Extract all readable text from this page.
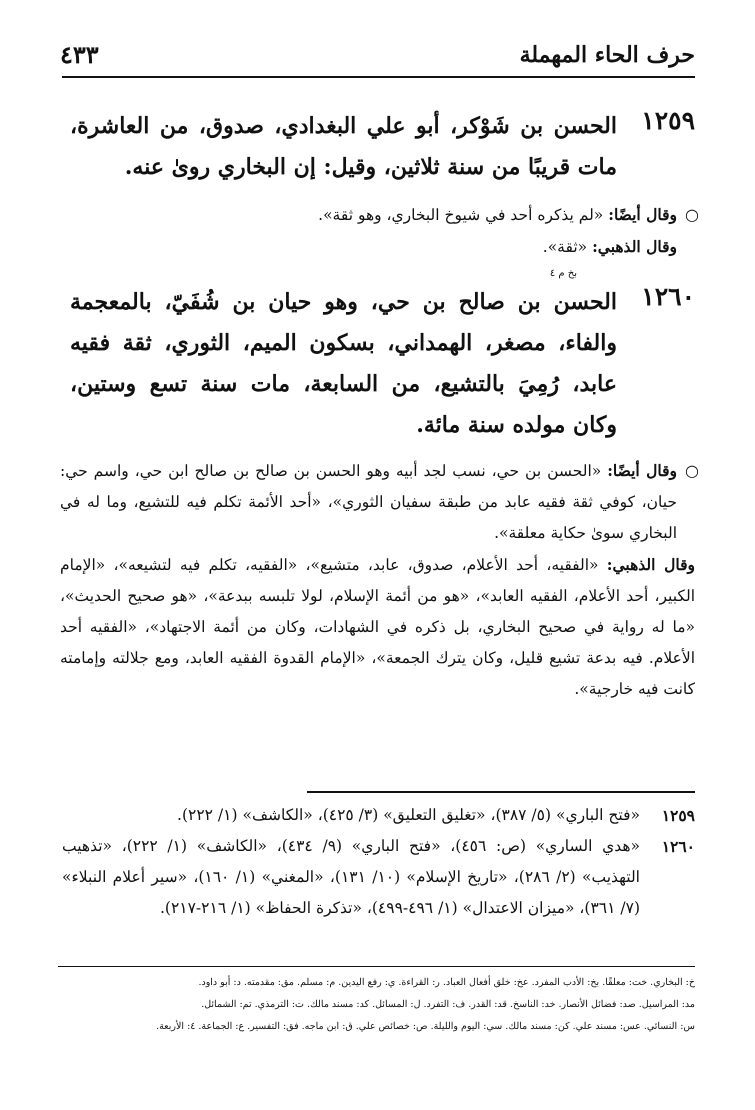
حرف الحاء المهملة
٤٣٣
١٢٥٩
الحسن بن شَوْكر، أبو علي البغدادي، صدوق، من العاشرة، مات قريبًا من سنة ثلاثين، وقيل: إن البخاري روىٰ عنه.
○

وقال أيضًا: «لم يذكره أحد في شيوخ البخاري، وهو ثقة».

وقال الذهبي: «ثقة».

بخ م ٤
١٢٦٠
الحسن بن صالح بن حي، وهو حيان بن شُفَيّ، بالمعجمة والفاء، مصغر، الهمداني، بسكون الميم، الثوري، ثقة فقيه عابد، رُمِيَ بالتشيع، من السابعة، مات سنة تسع وستين، وكان مولده سنة مائة.
○

وقال أيضًا: «الحسن بن حي، نسب لجد أبيه وهو الحسن بن صالح بن صالح ابن حي، واسم حي: حيان، كوفي ثقة فقيه عابد من طبقة سفيان الثوري»، «أحد الأئمة تكلم فيه للتشيع، وما له في البخاري سوىٰ حكاية معلقة».

وقال الذهبي: «الفقيه، أحد الأعلام، صدوق، عابد، متشيع»، «الفقيه، تكلم فيه لتشيعه»، «الإمام الكبير، أحد الأعلام، الفقيه العابد»، «هو من أئمة الإسلام، لولا تلبسه ببدعة»، «هو صحيح الحديث»، «ما له رواية في صحيح البخاري، بل ذكره في الشهادات، وكان من أئمة الاجتهاد»، «الفقيه أحد الأعلام. فيه بدعة تشيع قليل، وكان يترك الجمعة»، «الإمام القدوة الفقيه العابد، ومع جلالته وإمامته كانت فيه خارجية».

١٢٥٩
«فتح الباري» (٥/ ٣٨٧)، «تغليق التعليق» (٣/ ٤٢٥)، «الكاشف» (١/ ٢٢٢).
١٢٦٠
«هدي الساري» (ص: ٤٥٦)، «فتح الباري» (٩/ ٤٣٤)، «الكاشف» (١/ ٢٢٢)، «تذهيب التهذيب» (٢/ ٢٨٦)، «تاريخ الإسلام» (١٠/ ١٣١)، «المغني» (١/ ١٦٠)، «سير أعلام النبلاء» (٧/ ٣٦١)، «ميزان الاعتدال» (١/ ٤٩٦-٤٩٩)، «تذكرة الحفاظ» (١/ ٢١٦-٢١٧).
خ: البخاري. خت: معلقًا. بخ: الأدب المفرد. عخ: خلق أفعال العباد. ر: القراءة. ي: رفع اليدين. م: مسلم. مق: مقدمته. د: أبو داود.
مد: المراسيل. صد: فضائل الأنصار. خد: الناسخ. قد: القدر. ف: التفرد. ل: المسائل. كد: مسند مالك. ت: الترمذي. تم: الشمائل.
س: النسائي. عس: مسند علي. كن: مسند مالك. سي: اليوم والليلة. ص: خصائص علي. ق: ابن ماجه. فق: التفسير. ع: الجماعة. ٤: الأربعة.
